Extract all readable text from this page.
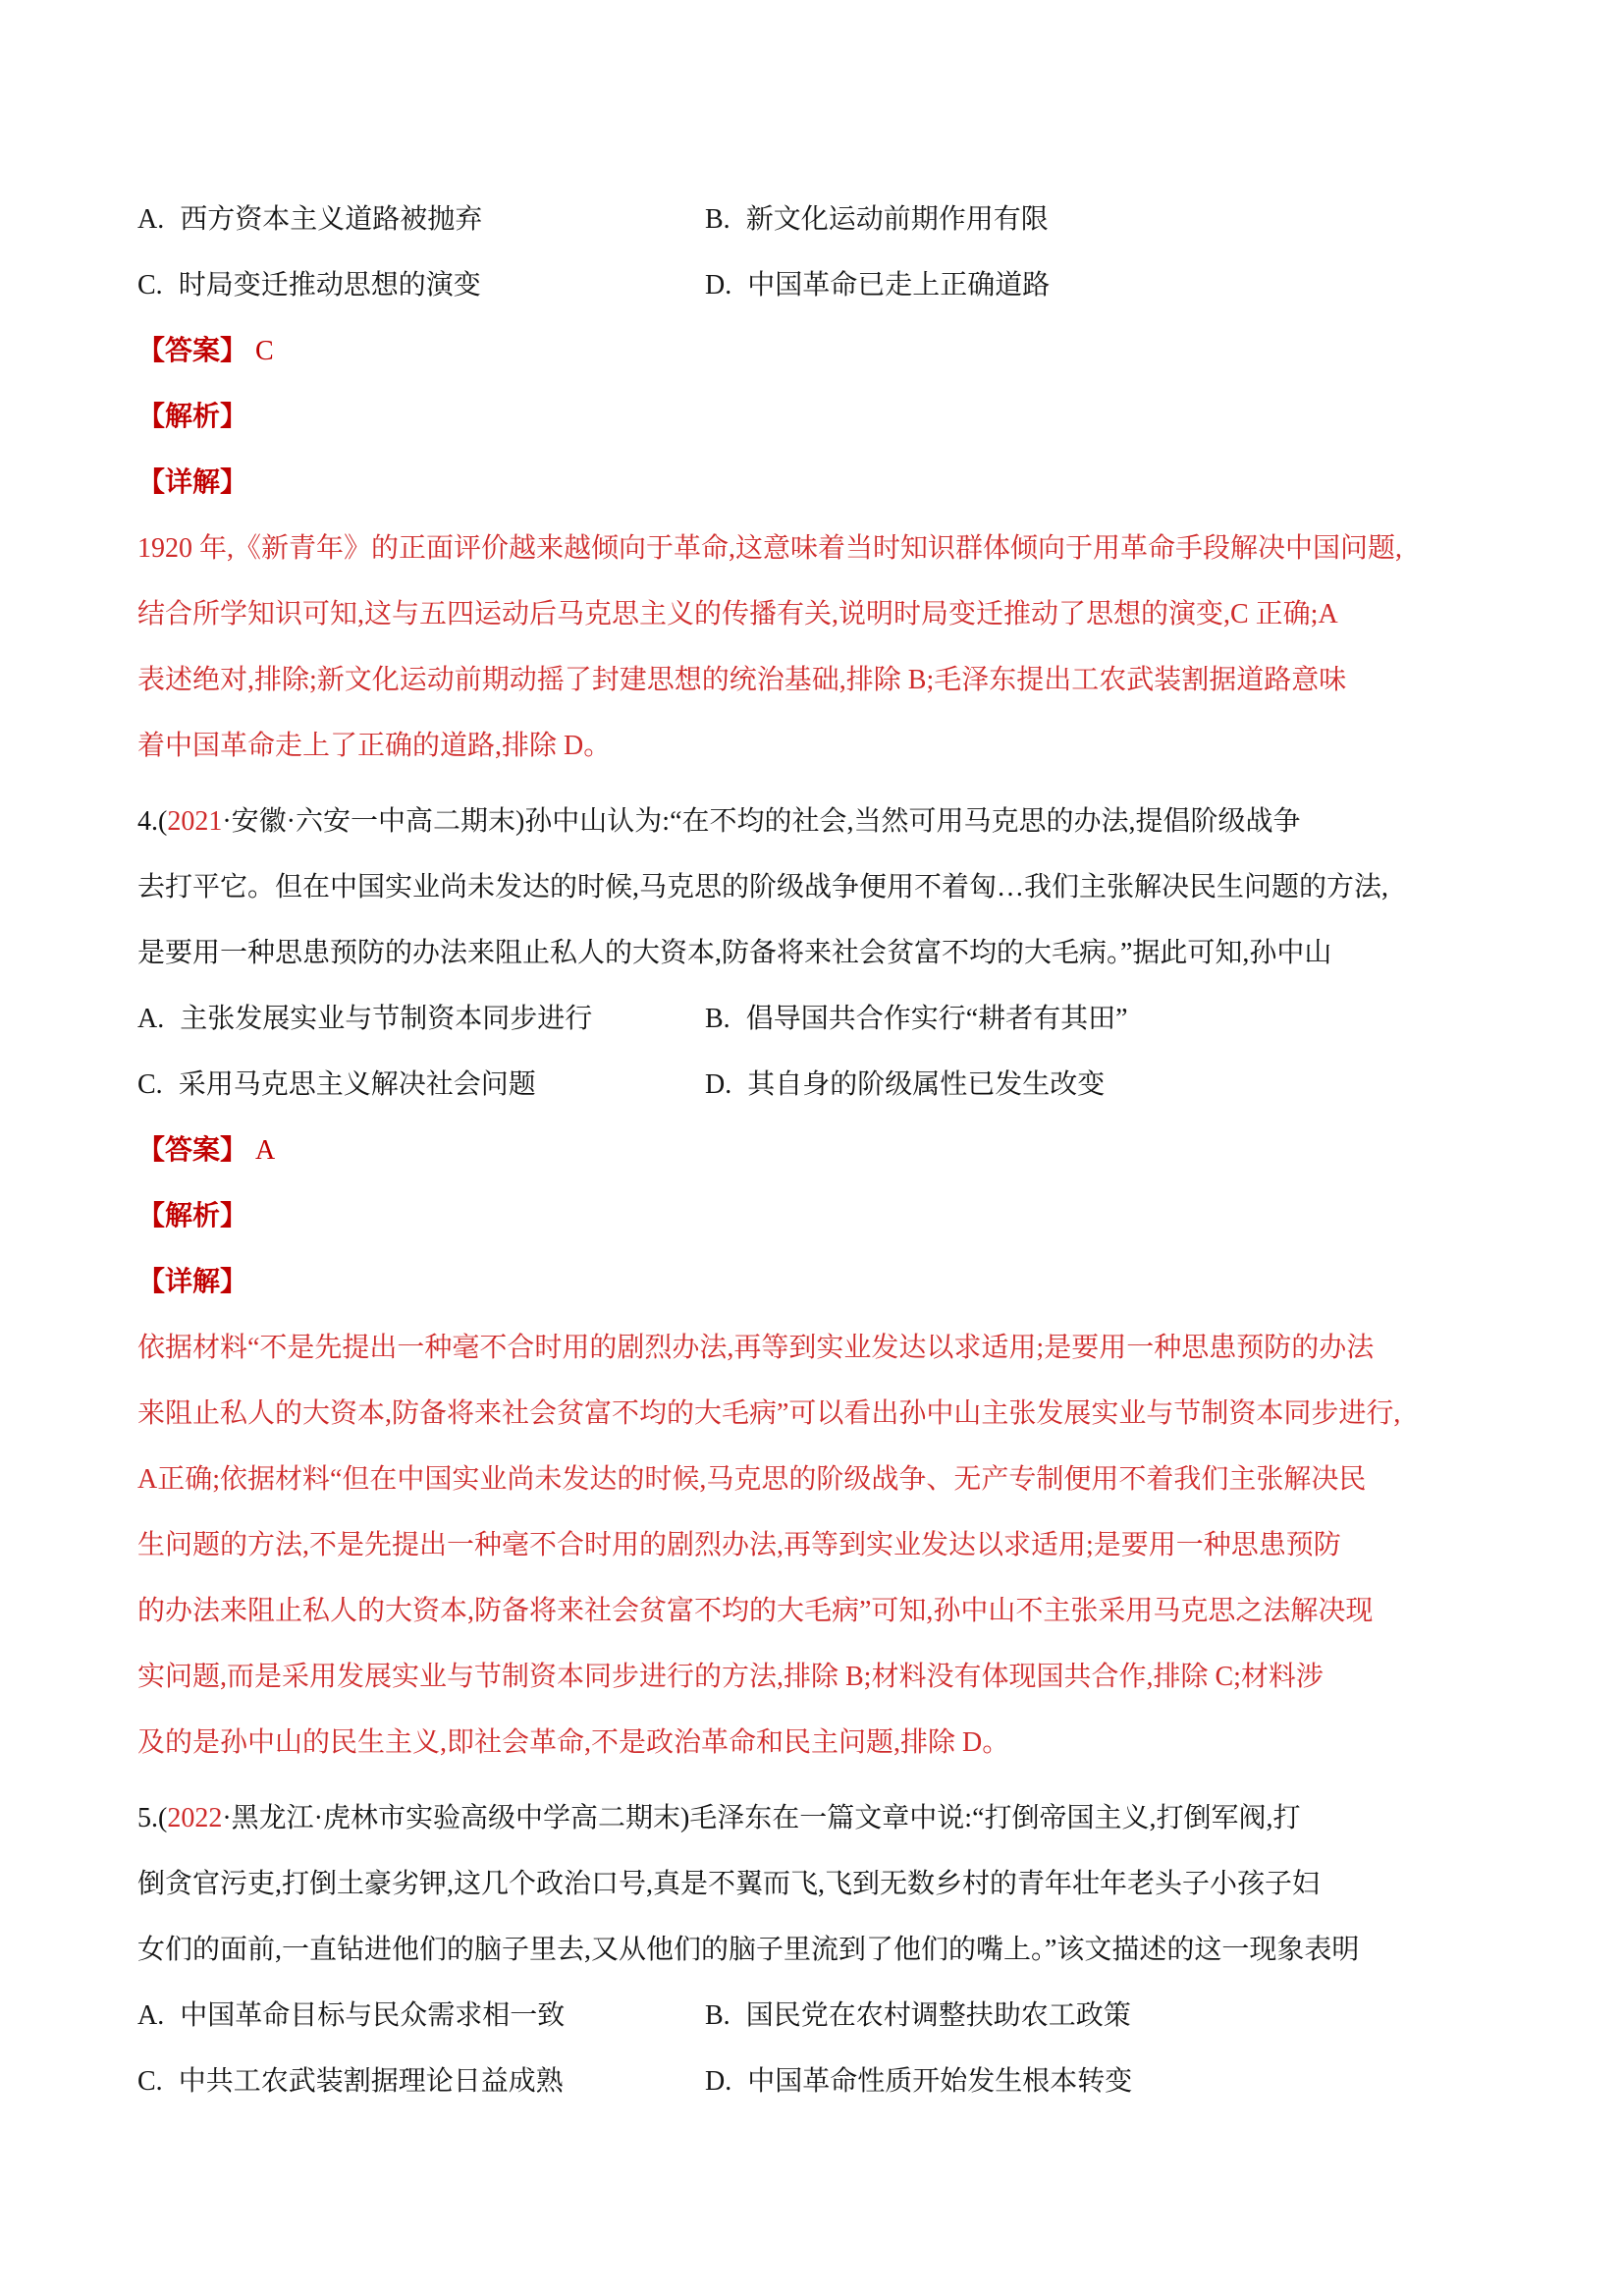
A. 西方资本主义道路被抛弃	B. 新文化运动前期作用有限
C. 时局变迁推动思想的演变	D. 中国革命已走上正确道路
【答案】 C
【解析】
【详解】
1920 年,《新青年》的正面评价越来越倾向于革命,这意味着当时知识群体倾向于用革命手段解决中国问题,
结合所学知识可知,这与五四运动后马克思主义的传播有关,说明时局变迁推动了思想的演变,C 正确;A
表述绝对,排除;新文化运动前期动摇了封建思想的统治基础,排除 B;毛泽东提出工农武装割据道路意味
着中国革命走上了正确的道路,排除 D。
4.(2021·安徽·六安一中高二期末)孙中山认为:“在不均的社会,当然可用马克思的办法,提倡阶级战争
去打平它。但在中国实业尚未发达的时候,马克思的阶级战争便用不着匈…我们主张解决民生问题的方法,
是要用一种思患预防的办法来阻止私人的大资本,防备将来社会贫富不均的大毛病。”据此可知,孙中山
A. 主张发展实业与节制资本同步进行	B. 倡导国共合作实行“耕者有其田”
C. 采用马克思主义解决社会问题	D. 其自身的阶级属性已发生改变
【答案】 A
【解析】
【详解】
依据材料“不是先提出一种毫不合时用的剧烈办法,再等到实业发达以求适用;是要用一种思患预防的办法
来阻止私人的大资本,防备将来社会贫富不均的大毛病”可以看出孙中山主张发展实业与节制资本同步进行,
A正确;依据材料“但在中国实业尚未发达的时候,马克思的阶级战争、无产专制便用不着我们主张解决民
生问题的方法,不是先提出一种毫不合时用的剧烈办法,再等到实业发达以求适用;是要用一种思患预防
的办法来阻止私人的大资本,防备将来社会贫富不均的大毛病”可知,孙中山不主张采用马克思之法解决现
实问题,而是采用发展实业与节制资本同步进行的方法,排除 B;材料没有体现国共合作,排除 C;材料涉
及的是孙中山的民生主义,即社会革命,不是政治革命和民主问题,排除 D。
5.(2022·黑龙江·虎林市实验高级中学高二期末)毛泽东在一篇文章中说:“打倒帝国主义,打倒军阀,打
倒贪官污吏,打倒土豪劣钾,这几个政治口号,真是不翼而飞,飞到无数乡村的青年壮年老头子小孩子妇
女们的面前,一直钻进他们的脑子里去,又从他们的脑子里流到了他们的嘴上。”该文描述的这一现象表明
A. 中国革命目标与民众需求相一致	B. 国民党在农村调整扶助农工政策
C. 中共工农武装割据理论日益成熟	D. 中国革命性质开始发生根本转变
